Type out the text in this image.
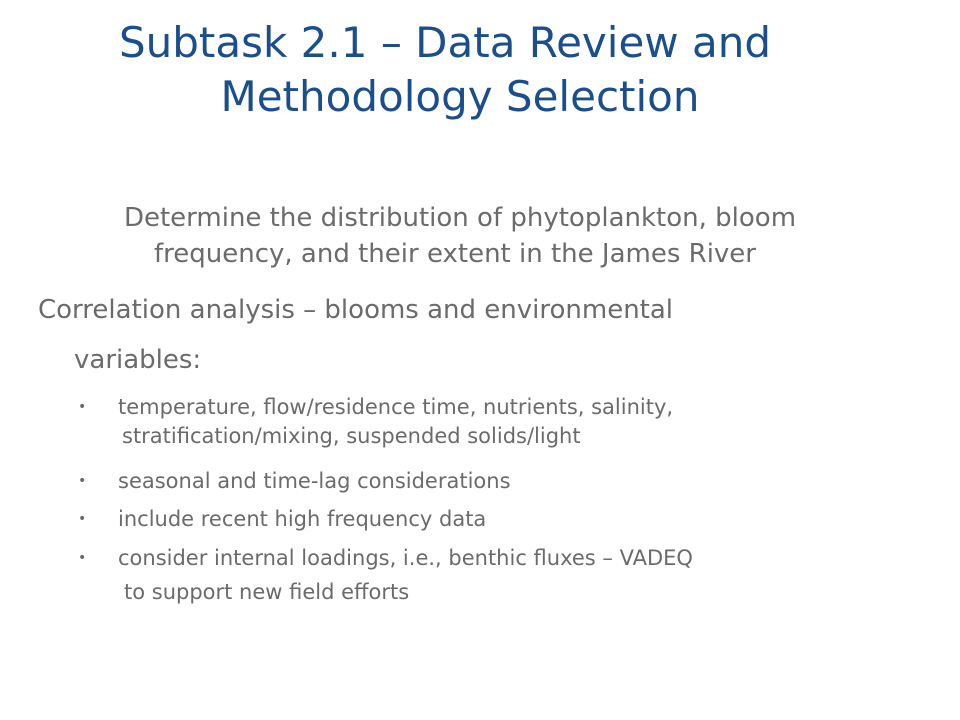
Subtask 2.1 – Data Review and
Methodology Selection
Determine the distribution of phytoplankton, bloom
frequency, and their extent in the James River
Correlation analysis – blooms and environmental
variables:
• temperature, flow/residence time, nutrients, salinity,
stratification/mixing, suspended solids/light
• seasonal and time-lag considerations
• include recent high frequency data
• consider internal loadings, i.e., benthic fluxes – VADEQ
to support new field efforts
